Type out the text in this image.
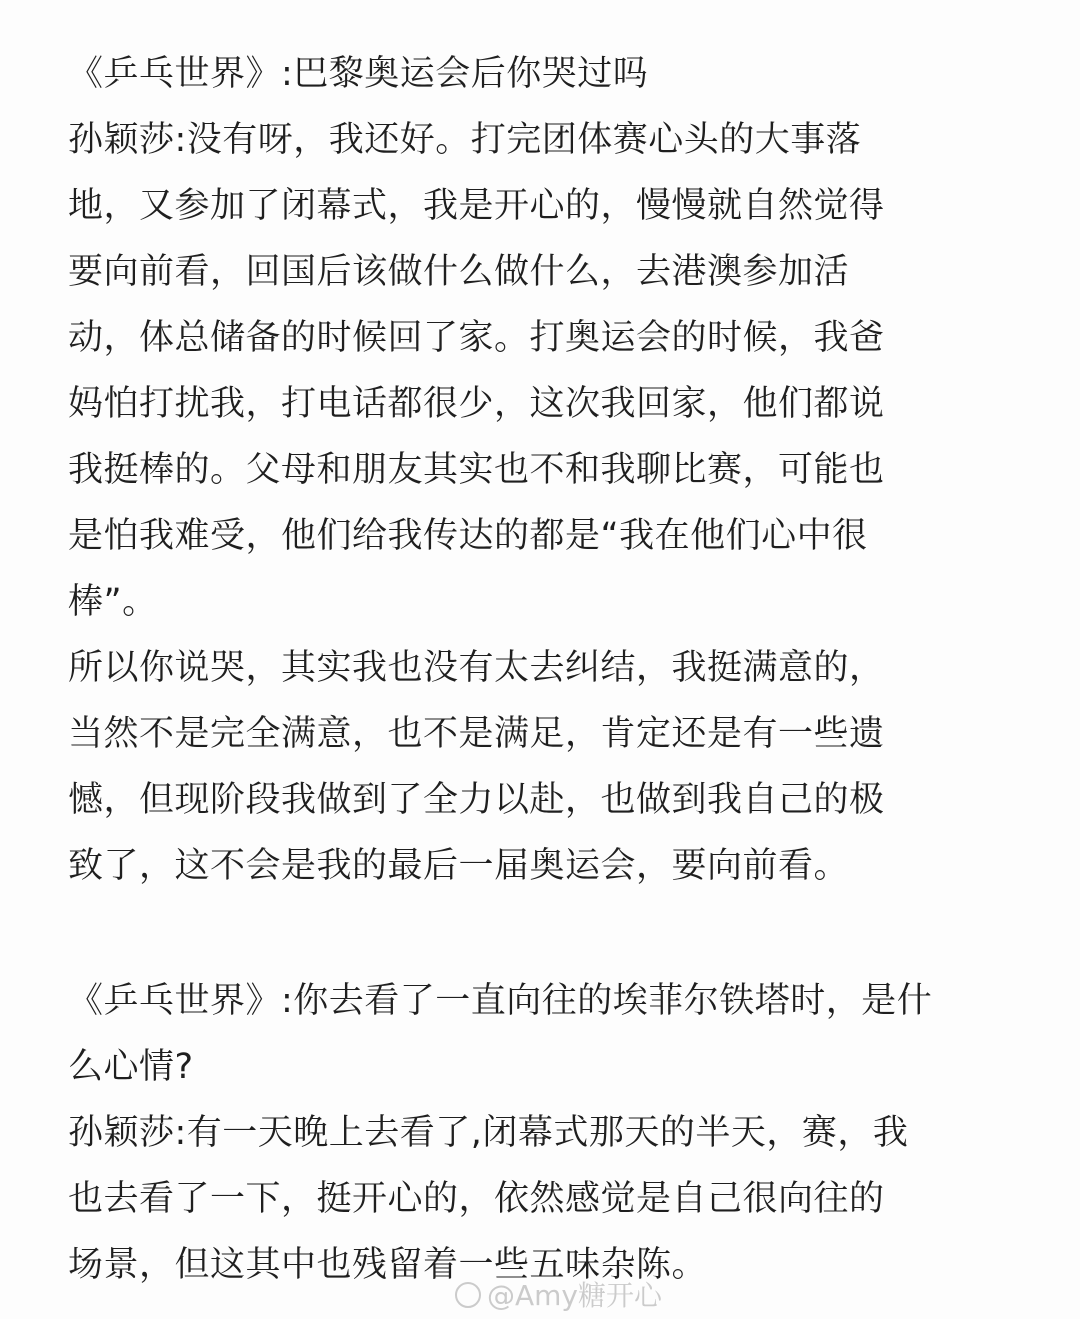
《乒乓世界》:巴黎奥运会后你哭过吗
孙颖莎:没有呀，我还好。打完团体赛心头的大事落
地，又参加了闭幕式，我是开心的，慢慢就自然觉得
要向前看，回国后该做什么做什么，去港澳参加活
动，体总储备的时候回了家。打奥运会的时候，我爸
妈怕打扰我，打电话都很少，这次我回家，他们都说
我挺棒的。父母和朋友其实也不和我聊比赛，可能也
是怕我难受，他们给我传达的都是“我在他们心中很
棒”。
所以你说哭，其实我也没有太去纠结，我挺满意的，
当然不是完全满意，也不是满足，肯定还是有一些遗
憾，但现阶段我做到了全力以赴，也做到我自己的极
致了，这不会是我的最后一届奥运会，要向前看。
《乒乓世界》:你去看了一直向往的埃菲尔铁塔时，是什
么心情?
孙颖莎:有一天晚上去看了,闭幕式那天的半天，赛，我
也去看了一下，挺开心的，依然感觉是自己很向往的
场景，但这其中也残留着一些五味杂陈。
@Amy糖开心
